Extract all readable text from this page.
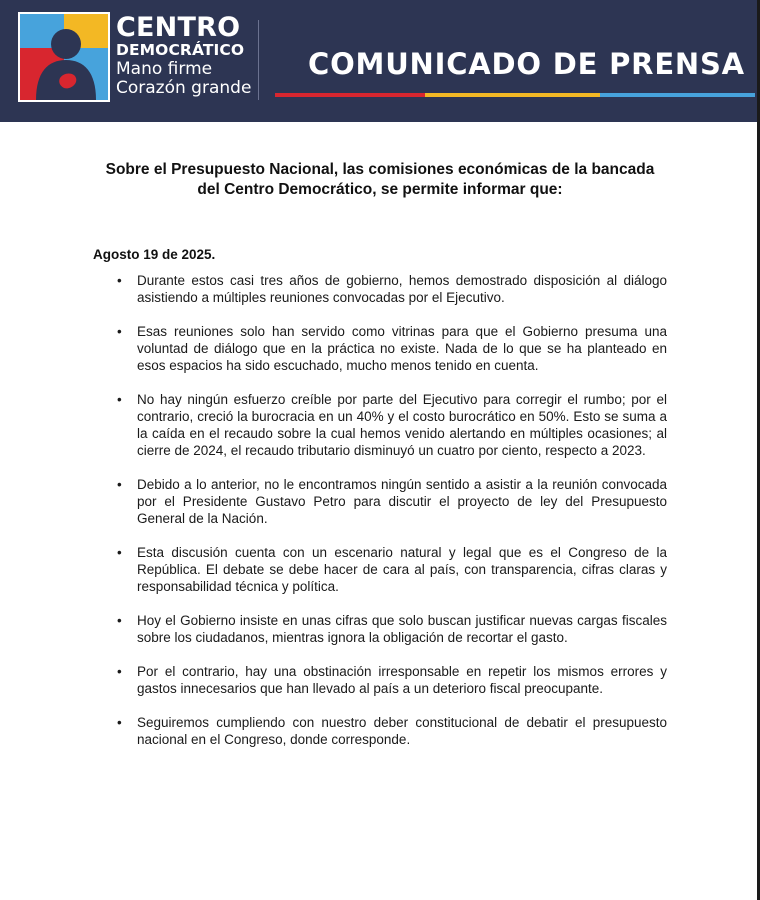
CENTRO
DEMOCRÁTICO
Mano firme
Corazón grande
COMUNICADO DE PRENSA
Sobre el Presupuesto Nacional, las comisiones económicas de la bancada
del Centro Democrático, se permite informar que:
Agosto 19 de 2025.
• Durante estos casi tres años de gobierno, hemos demostrado disposición al diálogo asistiendo a múltiples reuniones convocadas por el Ejecutivo.
• Esas reuniones solo han servido como vitrinas para que el Gobierno presuma una voluntad de diálogo que en la práctica no existe. Nada de lo que se ha planteado en esos espacios ha sido escuchado, mucho menos tenido en cuenta.
• No hay ningún esfuerzo creíble por parte del Ejecutivo para corregir el rumbo; por el contrario, creció la burocracia en un 40% y el costo burocrático en 50%. Esto se suma a la caída en el recaudo sobre la cual hemos venido alertando en múltiples ocasiones; al cierre de 2024, el recaudo tributario disminuyó un cuatro por ciento, respecto a 2023.
• Debido a lo anterior, no le encontramos ningún sentido a asistir a la reunión convocada por el Presidente Gustavo Petro para discutir el proyecto de ley del Presupuesto General de la Nación.
• Esta discusión cuenta con un escenario natural y legal que es el Congreso de la República. El debate se debe hacer de cara al país, con transparencia, cifras claras y responsabilidad técnica y política.
• Hoy el Gobierno insiste en unas cifras que solo buscan justificar nuevas cargas fiscales sobre los ciudadanos, mientras ignora la obligación de recortar el gasto.
• Por el contrario, hay una obstinación irresponsable en repetir los mismos errores y gastos innecesarios que han llevado al país a un deterioro fiscal preocupante.
• Seguiremos cumpliendo con nuestro deber constitucional de debatir el presupuesto nacional en el Congreso, donde corresponde.
